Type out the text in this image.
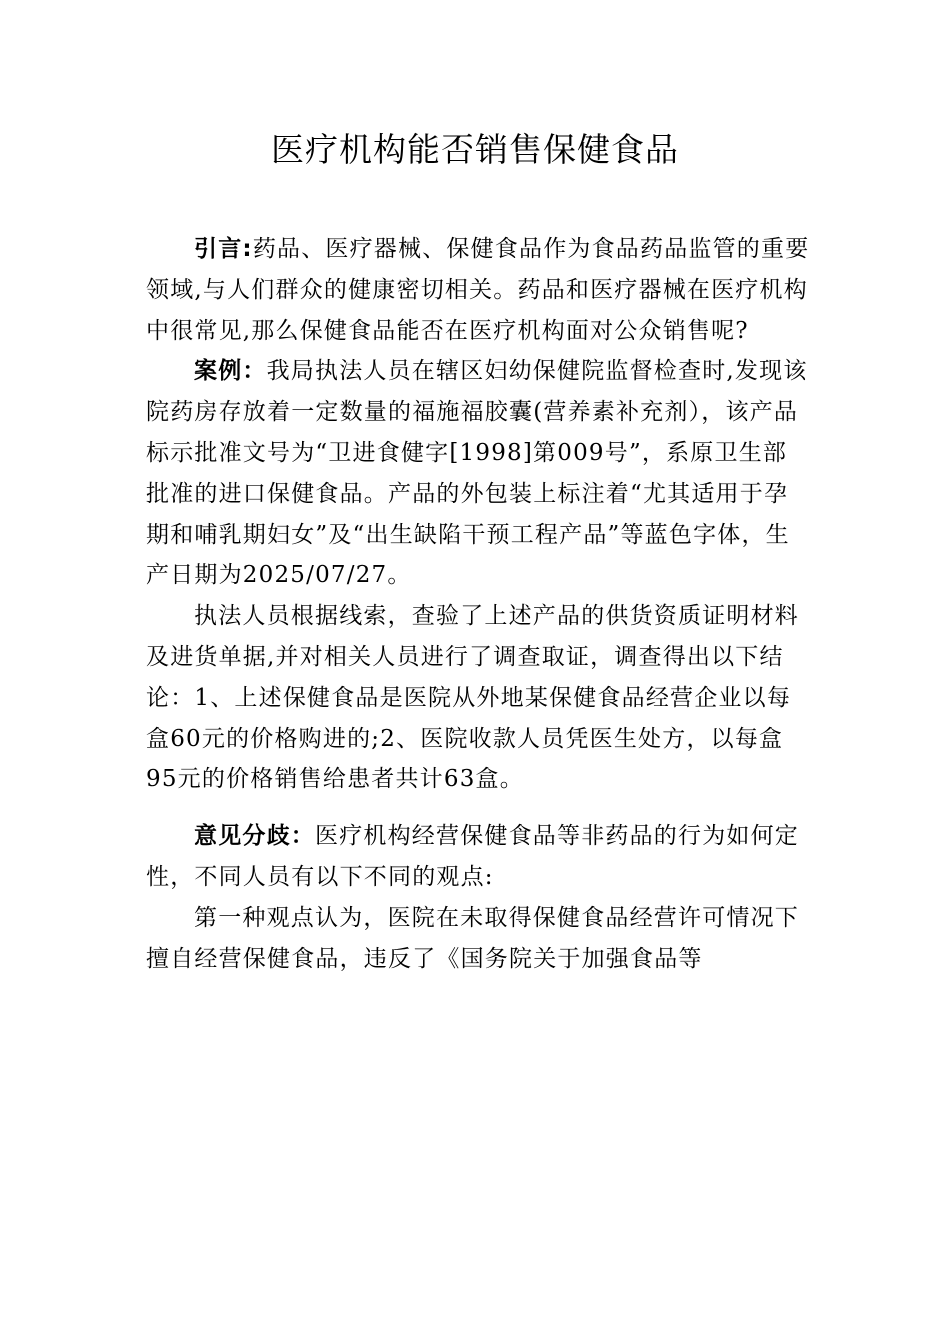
医疗机构能否销售保健食品

引言:药品、医疗器械、保健食品作为食品药品监管的重要领域,与人们群众的健康密切相关。药品和医疗器械在医疗机构中很常见,那么保健食品能否在医疗机构面对公众销售呢?

案例：我局执法人员在辖区妇幼保健院监督检查时,发现该院药房存放着一定数量的福施福胶囊(营养素补充剂），该产品标示批准文号为“卫进食健字[1998]第009号”，系原卫生部批准的进口保健食品。产品的外包装上标注着“尤其适用于孕期和哺乳期妇女”及“出生缺陷干预工程产品”等蓝色字体，生产日期为2025/07/27。

执法人员根据线索，查验了上述产品的供货资质证明材料及进货单据,并对相关人员进行了调查取证，调查得出以下结论：1、上述保健食品是医院从外地某保健食品经营企业以每盒60元的价格购进的;2、医院收款人员凭医生处方，以每盒95元的价格销售给患者共计63盒。

意见分歧：医疗机构经营保健食品等非药品的行为如何定性，不同人员有以下不同的观点:

第一种观点认为，医院在未取得保健食品经营许可情况下擅自经营保健食品，违反了《国务院关于加强食品等
